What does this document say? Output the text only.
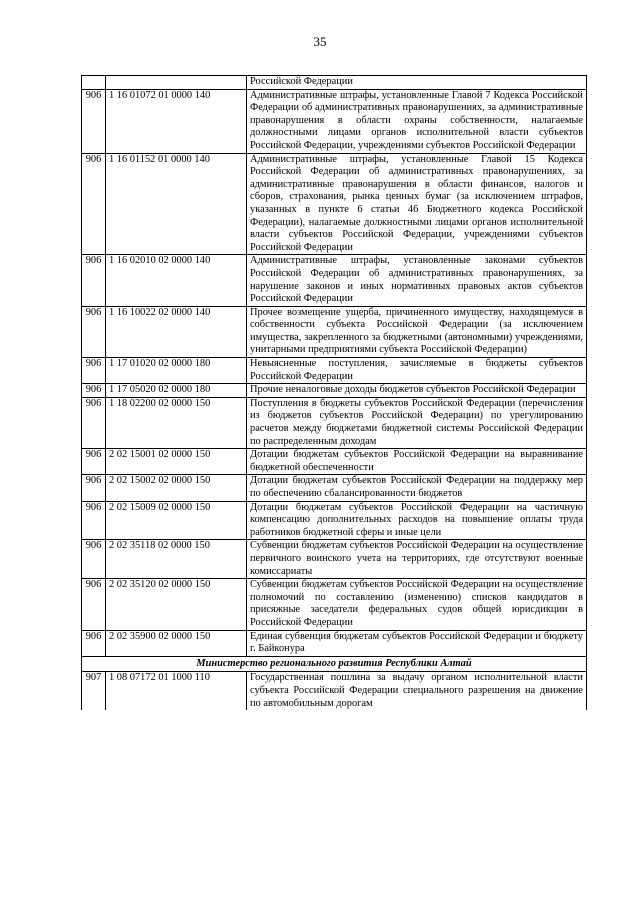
35
		Российской Федерации
906	1 16 01072 01 0000 140	Административные штрафы, установленные Главой 7 Кодекса Российской Федерации об административных правонарушениях, за административные правонарушения в области охраны собственности, налагаемые должностными лицами органов исполнительной власти субъектов Российской Федерации, учреждениями субъектов Российской Федерации
906	1 16 01152 01 0000 140	Административные штрафы, установленные Главой 15 Кодекса Российской Федерации об административных правонарушениях, за административные правонарушения в области финансов, налогов и сборов, страхования, рынка ценных бумаг (за исключением штрафов, указанных в пункте 6 статьи 46 Бюджетного кодекса Российской Федерации), налагаемые должностными лицами органов исполнительной власти субъектов Российской Федерации, учреждениями субъектов Российской Федерации
906	1 16 02010 02 0000 140	Административные штрафы, установленные законами субъектов Российской Федерации об административных правонарушениях, за нарушение законов и иных нормативных правовых актов субъектов Российской Федерации
906	1 16 10022 02 0000 140	Прочее возмещение ущерба, причиненного имуществу, находящемуся в собственности субъекта Российской Федерации (за исключением имущества, закрепленного за бюджетными (автономными) учреждениями, унитарными предприятиями субъекта Российской Федерации)
906	1 17 01020 02 0000 180	Невыясненные поступления, зачисляемые в бюджеты субъектов Российской Федерации
906	1 17 05020 02 0000 180	Прочие неналоговые доходы бюджетов субъектов Российской Федерации
906	1 18 02200 02 0000 150	Поступления в бюджеты субъектов Российской Федерации (перечисления из бюджетов субъектов Российской Федерации) по урегулированию расчетов между бюджетами бюджетной системы Российской Федерации по распределенным доходам
906	2 02 15001 02 0000 150	Дотации бюджетам субъектов Российской Федерации на выравнивание бюджетной обеспеченности
906	2 02 15002 02 0000 150	Дотации бюджетам субъектов Российской Федерации на поддержку мер по обеспечению сбалансированности бюджетов
906	2 02 15009 02 0000 150	Дотации бюджетам субъектов Российской Федерации на частичную компенсацию дополнительных расходов на повышение оплаты труда работников бюджетной сферы и иные цели
906	2 02 35118 02 0000 150	Субвенции бюджетам субъектов Российской Федерации на осуществление первичного воинского учета на территориях, где отсутствуют военные комиссариаты
906	2 02 35120 02 0000 150	Субвенции бюджетам субъектов Российской Федерации на осуществление полномочий по составлению (изменению) списков кандидатов в присяжные заседатели федеральных судов общей юрисдикции в Российской Федерации
906	2 02 35900 02 0000 150	Единая субвенция бюджетам субъектов Российской Федерации и бюджету г. Байконура
Министерство регионального развития Республики Алтай		
907	1 08 07172 01 1000 110	Государственная пошлина за выдачу органом исполнительной власти субъекта Российской Федерации специального разрешения на движение по автомобильным дорогам
